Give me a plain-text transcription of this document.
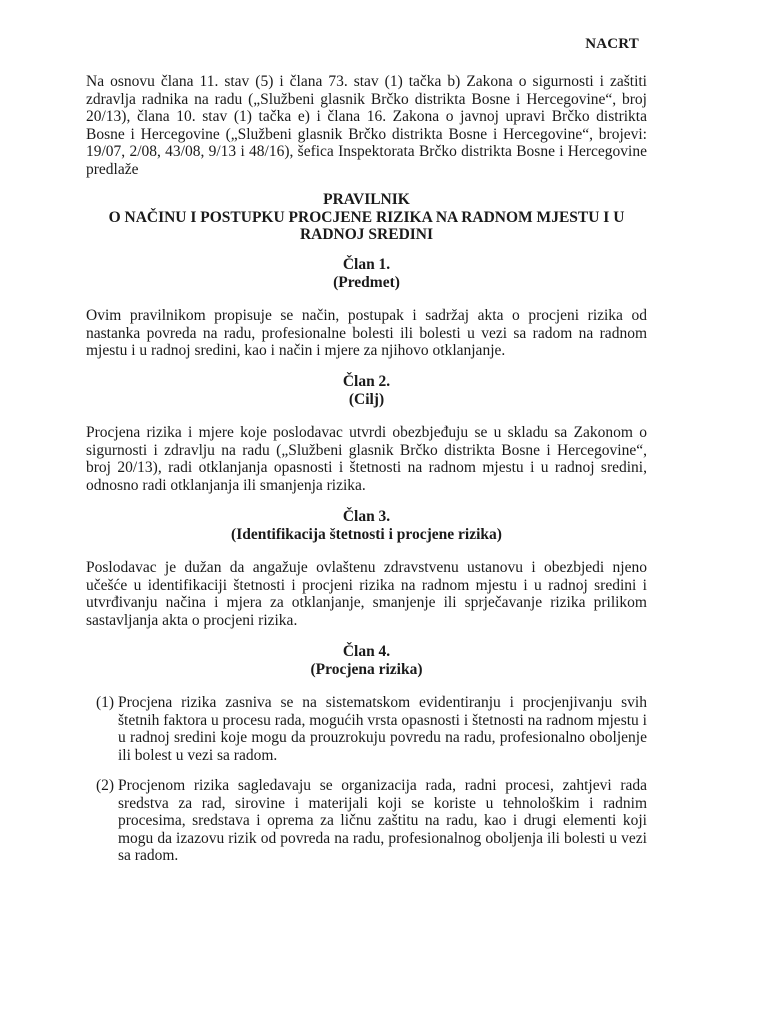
NACRT
Na osnovu člana 11. stav (5) i člana 73. stav (1) tačka b) Zakona o sigurnosti i zaštiti zdravlja radnika na radu („Službeni glasnik Brčko distrikta Bosne i Hercegovine“, broj 20/13), člana 10. stav (1) tačka e) i člana 16. Zakona o javnoj upravi Brčko distrikta Bosne i Hercegovine („Službeni glasnik Brčko distrikta Bosne i Hercegovine“, brojevi: 19/07, 2/08, 43/08, 9/13 i 48/16), šefica Inspektorata Brčko distrikta Bosne i Hercegovine predlaže
PRAVILNIK
O NAČINU I POSTUPKU PROCJENE RIZIKA NA RADNOM MJESTU I U
RADNOJ SREDINI
Član 1.
(Predmet)
Ovim pravilnikom propisuje se način, postupak i sadržaj akta o procjeni rizika od nastanka povreda na radu, profesionalne bolesti ili bolesti u vezi sa radom na radnom mjestu i u radnoj sredini, kao i način i mjere za njihovo otklanjanje.
Član 2.
(Cilj)
Procjena rizika i mjere koje poslodavac utvrdi obezbjeđuju se u skladu sa Zakonom o sigurnosti i zdravlju na radu („Službeni glasnik Brčko distrikta Bosne i Hercegovine“, broj 20/13), radi otklanjanja opasnosti i štetnosti na radnom mjestu i u radnoj sredini, odnosno radi otklanjanja ili smanjenja rizika.
Član 3.
(Identifikacija štetnosti i procjene rizika)
Poslodavac je dužan da angažuje ovlaštenu zdravstvenu ustanovu i obezbjedi njeno učešće u identifikaciji štetnosti i procjeni rizika na radnom mjestu i u radnoj sredini i utvrđivanju načina i mjera za otklanjanje, smanjenje ili sprječavanje rizika prilikom sastavljanja akta o procjeni rizika.
Član 4.
(Procjena rizika)
(1) Procjena rizika zasniva se na sistematskom evidentiranju i procjenjivanju svih štetnih faktora u procesu rada, mogućih vrsta opasnosti i štetnosti na radnom mjestu i u radnoj sredini koje mogu da prouzrokuju povredu na radu, profesionalno oboljenje ili bolest u vezi sa radom.
(2) Procjenom rizika sagledavaju se organizacija rada, radni procesi, zahtjevi rada sredstva za rad, sirovine i materijali koji se koriste u tehnološkim i radnim procesima, sredstava i oprema za ličnu zaštitu na radu, kao i drugi elementi koji mogu da izazovu rizik od povreda na radu, profesionalnog oboljenja ili bolesti u vezi sa radom.
